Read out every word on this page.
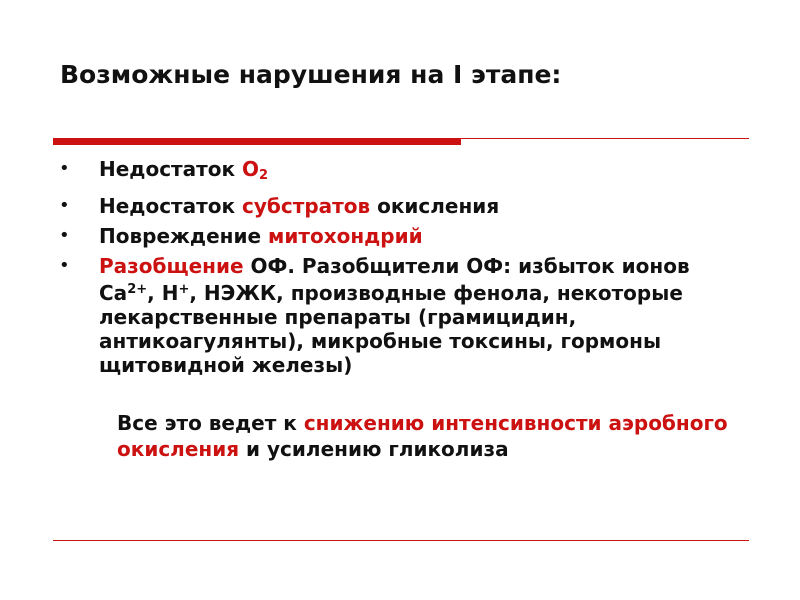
Возможные нарушения на I этапе:
• Недостаток $O_2$
• Недостаток субстратов окисления
• Повреждение митохондрий
• Разобщение ОФ. Разобщители ОФ: избыток ионов $Ca^{2+}$, H+, НЭЖК, производные фенола, некоторые лекарственные препараты (грамицидин, антикоагулянты), микробные токсины, гормоны щитовидной железы)

Все это ведет к снижению интенсивности аэробного окисления и усилению гликолиза
